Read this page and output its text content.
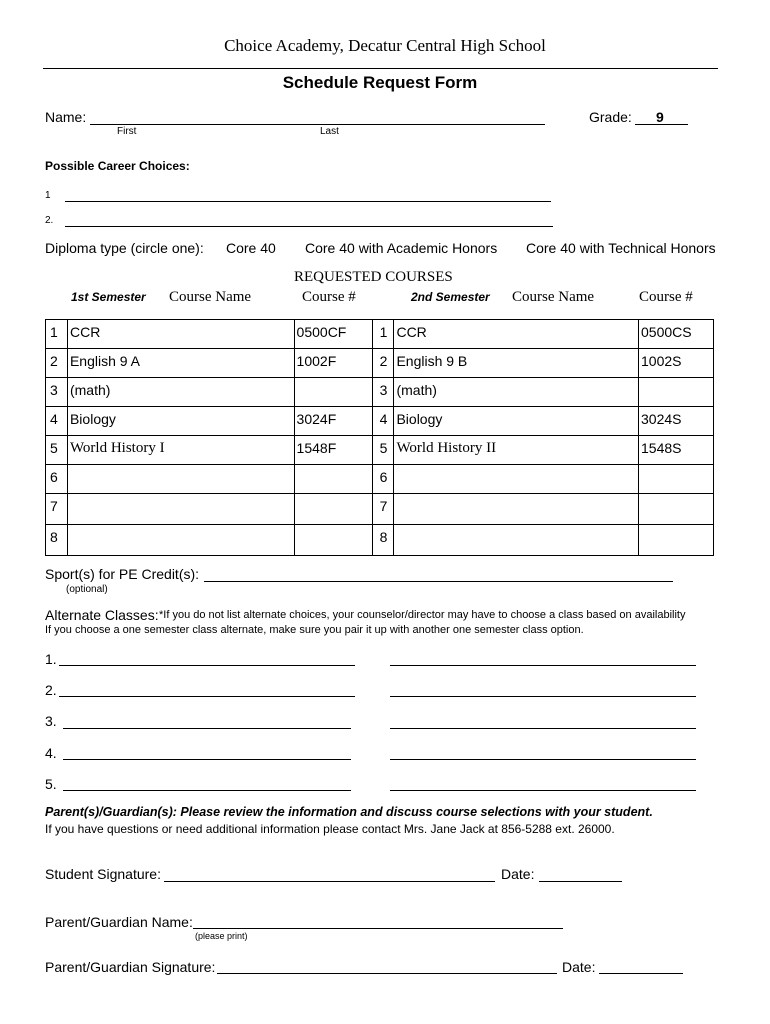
Choice Academy, Decatur Central High School
Schedule Request Form
Name:
First	Last
Grade: 9
Possible Career Choices:
1
2.
Diploma type (circle one): Core 40 Core 40 with Academic Honors Core 40 with Technical Honors
REQUESTED COURSES
1st Semester Course Name	Course #	2nd Semester Course Name	Course #
1	CCR	0500CF	1	CCR	0500CS
2	English 9 A	1002F	2	English 9 B	1002S
3	(math)		3	(math)	
4	Biology	3024F	4	Biology	3024S
5	World History I	1548F	5	World History II	1548S
6			6		
7			7		
8			8		
Sport(s) for PE Credit(s):
(optional)
Alternate Classes: *If you do not list alternate choices, your counselor/director may have to choose a class based on availability
If you choose a one semester class alternate, make sure you pair it up with another one semester class option.
1.
2.
3.
4.
5.
Parent(s)/Guardian(s): Please review the information and discuss course selections with your student.
If you have questions or need additional information please contact Mrs. Jane Jack at 856-5288 ext. 26000.
Student Signature:	Date:
Parent/Guardian Name:
(please print)
Parent/Guardian Signature:	Date:
